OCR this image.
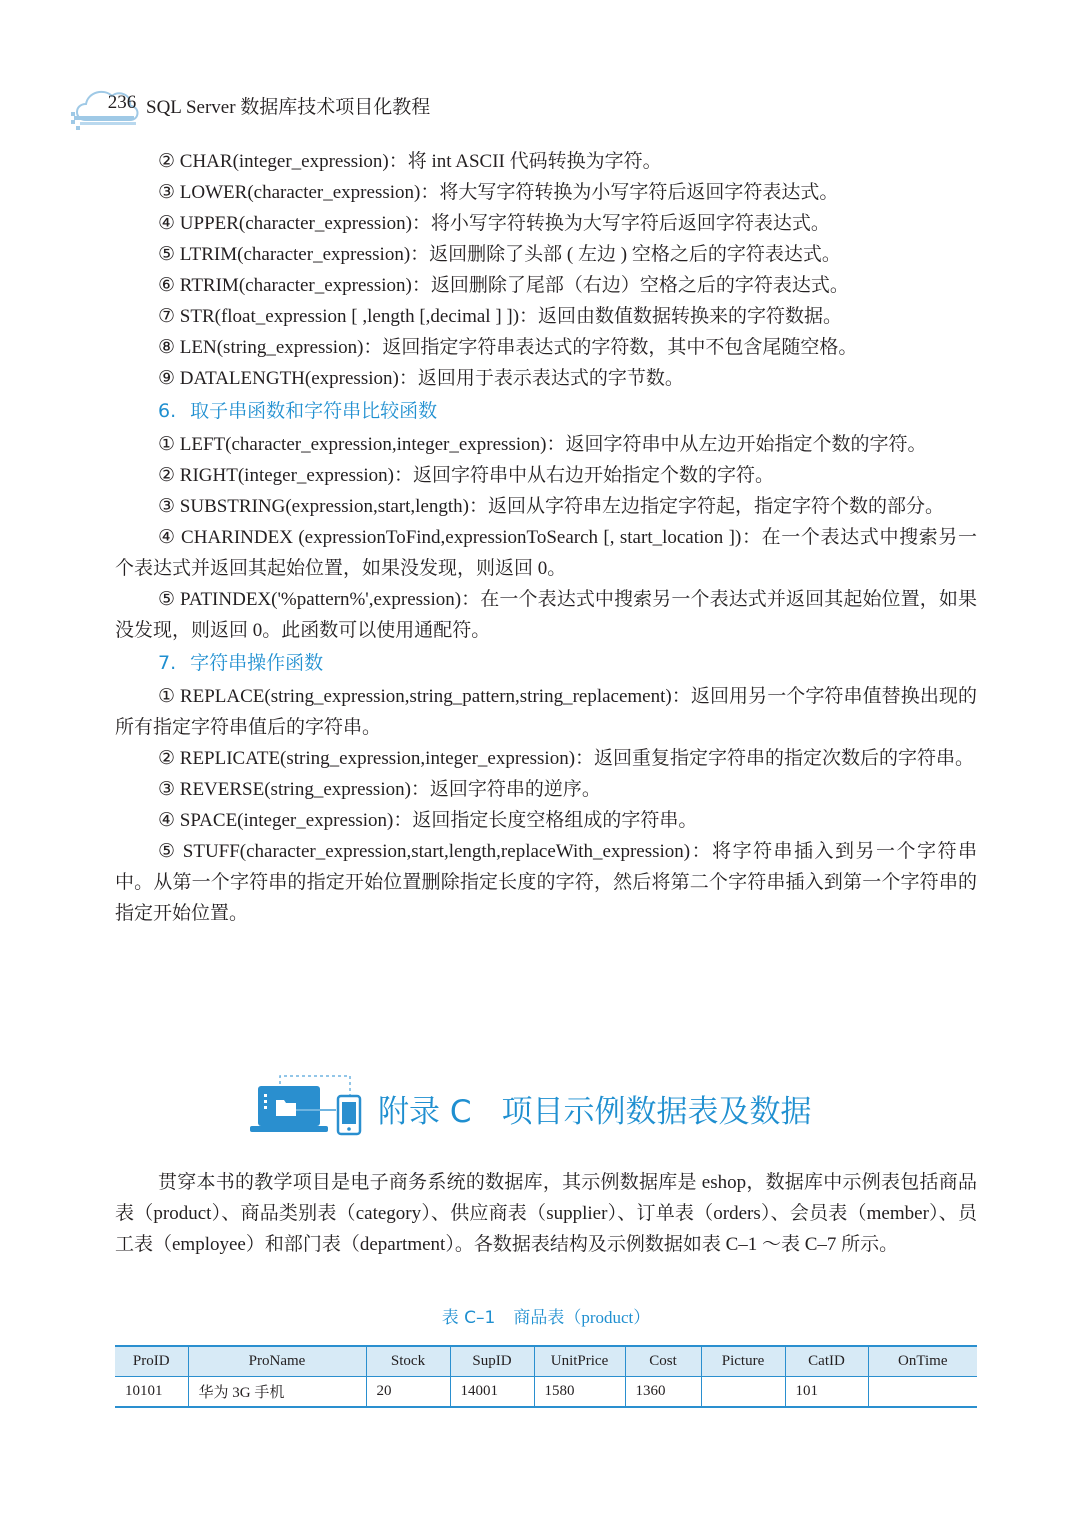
236 SQL Server 数据库技术项目化教程

② CHAR(integer_expression)：将 int ASCII 代码转换为字符。

③ LOWER(character_expression)：将大写字符转换为小写字符后返回字符表达式。

④ UPPER(character_expression)：将小写字符转换为大写字符后返回字符表达式。

⑤ LTRIM(character_expression)：返回删除了头部 ( 左边 ) 空格之后的字符表达式。

⑥ RTRIM(character_expression)：返回删除了尾部（右边）空格之后的字符表达式。

⑦ STR(float_expression [ ,length [,decimal ] ])：返回由数值数据转换来的字符数据。

⑧ LEN(string_expression)：返回指定字符串表达式的字符数，其中不包含尾随空格。

⑨ DATALENGTH(expression)：返回用于表示表达式的字节数。

6. 取子串函数和字符串比较函数

① LEFT(character_expression,integer_expression)：返回字符串中从左边开始指定个数的字符。

② RIGHT(integer_expression)：返回字符串中从右边开始指定个数的字符。

③ SUBSTRING(expression,start,length)：返回从字符串左边指定字符起，指定字符个数的部分。

④ CHARINDEX (expressionToFind,expressionToSearch [, start_location ])：在一个表达式中搜索另一个表达式并返回其起始位置，如果没发现，则返回 0。

⑤ PATINDEX('%pattern%',expression)：在一个表达式中搜索另一个表达式并返回其起始位置，如果没发现，则返回 0。此函数可以使用通配符。

7. 字符串操作函数

① REPLACE(string_expression,string_pattern,string_replacement)：返回用另一个字符串值替换出现的所有指定字符串值后的字符串。

② REPLICATE(string_expression,integer_expression)：返回重复指定字符串的指定次数后的字符串。

③ REVERSE(string_expression)：返回字符串的逆序。

④ SPACE(integer_expression)：返回指定长度空格组成的字符串。

⑤ STUFF(character_expression,start,length,replaceWith_expression)：将字符串插入到另一个字符串中。从第一个字符串的指定开始位置删除指定长度的字符，然后将第二个字符串插入到第一个字符串的指定开始位置。

附录 C 项目示例数据表及数据

贯穿本书的教学项目是电子商务系统的数据库，其示例数据库是 eshop，数据库中示例表包括商品表（product）、商品类别表（category）、供应商表（supplier）、订单表（orders）、会员表（member）、员工表（employee）和部门表（department）。各数据表结构及示例数据如表 C–1 ～表 C–7 所示。

表 C–1 商品表（product）
ProID	ProName	Stock	SupID	UnitPrice	Cost	Picture	CatID	OnTime
10101	华为 3G 手机	20	14001	1580	1360		101	
